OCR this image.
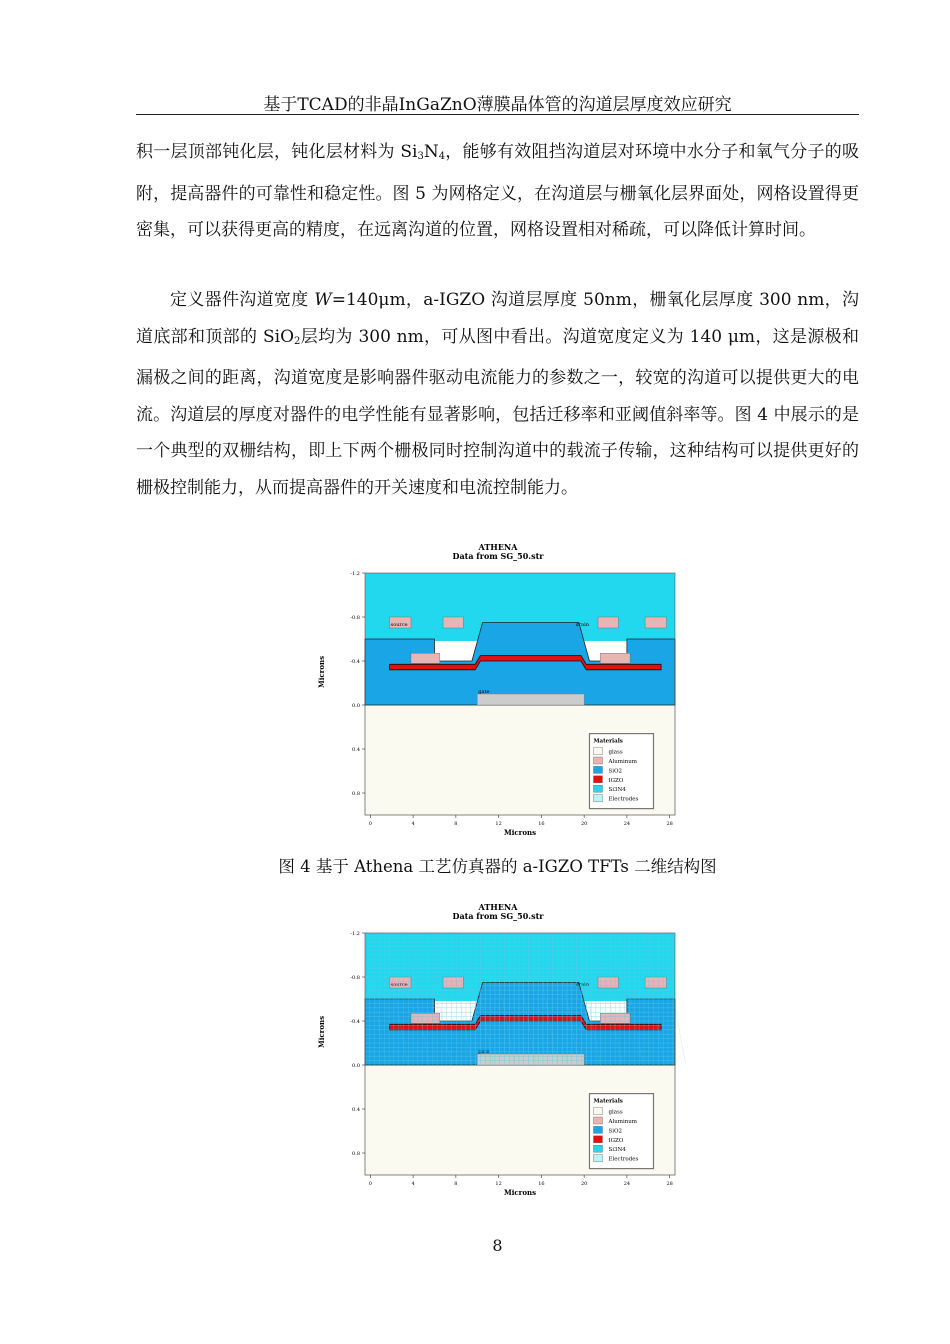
基于TCAD的非晶InGaZnO薄膜晶体管的沟道层厚度效应研究

积一层顶部钝化层，钝化层材料为 $Si_3N_4$，能够有效阻挡沟道层对环境中水分子和氧气分子的吸附，提高器件的可靠性和稳定性。图 5 为网格定义，在沟道层与栅氧化层界面处，网格设置得更密集，可以获得更高的精度，在远离沟道的位置，网格设置相对稀疏，可以降低计算时间。

定义器件沟道宽度 W=140μm，a-IGZO 沟道层厚度 50nm，栅氧化层厚度 300 nm，沟道底部和顶部的 SiO$_2$层均为 300 nm，可从图中看出。沟道宽度定义为 140 μm，这是源极和漏极之间的距离，沟道宽度是影响器件驱动电流能力的参数之一，较宽的沟道可以提供更大的电流。沟道层的厚度对器件的电学性能有显著影响，包括迁移率和亚阈值斜率等。图 4 中展示的是一个典型的双栅结构，即上下两个栅极同时控制沟道中的载流子传输，这种结构可以提供更好的栅极控制能力，从而提高器件的开关速度和电流控制能力。

ATHENA
Data from SG_50.str
gate
source	drain
-1.2
-0.8
-0.4
0.0
0.4
0.8
0	4	8	12	16	20	24	28
Microns
Microns
Materials
glass
Aluminum
SiO2
IGZO
Si3N4
Electrodes
图 4 基于 Athena 工艺仿真器的 a-IGZO TFTs 二维结构图
ATHENA
Data from SG_50.str
gate
source	drain
-1.2
-0.8
-0.4
0.0
0.4
0.8
0	4	8	12	16	20	24	28
Microns
Microns
Materials
glass
Aluminum
SiO2
IGZO
Si3N4
Electrodes
8
